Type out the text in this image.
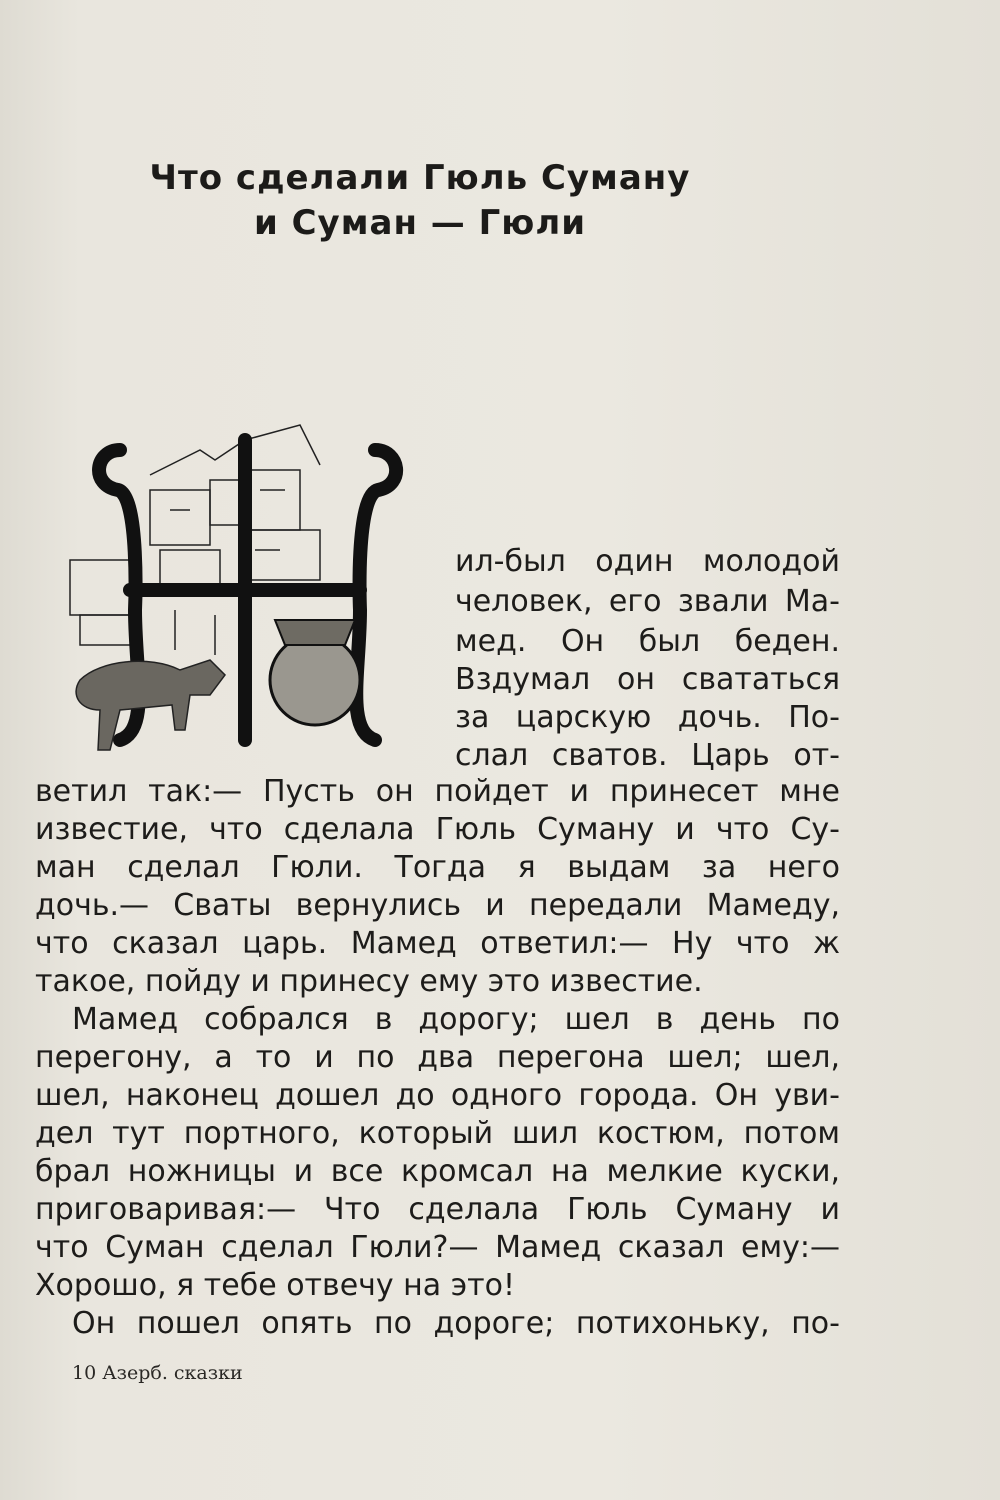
Что сделали Гюль Суману
и Суман — Гюли
ил-был один молодой
человек, его звали Ма-
мед. Он был беден.
Вздумал он свататься
за царскую дочь. По-
слал сватов. Царь от-
ветил так:— Пусть он пойдет и принесет мне
известие, что сделала Гюль Суману и что Су-
ман сделал Гюли. Тогда я выдам за него
дочь.— Сваты вернулись и передали Мамеду,
что сказал царь. Мамед ответил:— Ну что ж
такое, пойду и принесу ему это известие.
Мамед собрался в дорогу; шел в день по
перегону, а то и по два перегона шел; шел,
шел, наконец дошел до одного города. Он уви-
дел тут портного, который шил костюм, потом
брал ножницы и все кромсал на мелкие куски,
приговаривая:— Что сделала Гюль Суману и
что Суман сделал Гюли?— Мамед сказал ему:—
Хорошо, я тебе отвечу на это!
Он пошел опять по дороге; потихоньку, по-
10 Азерб. сказки
